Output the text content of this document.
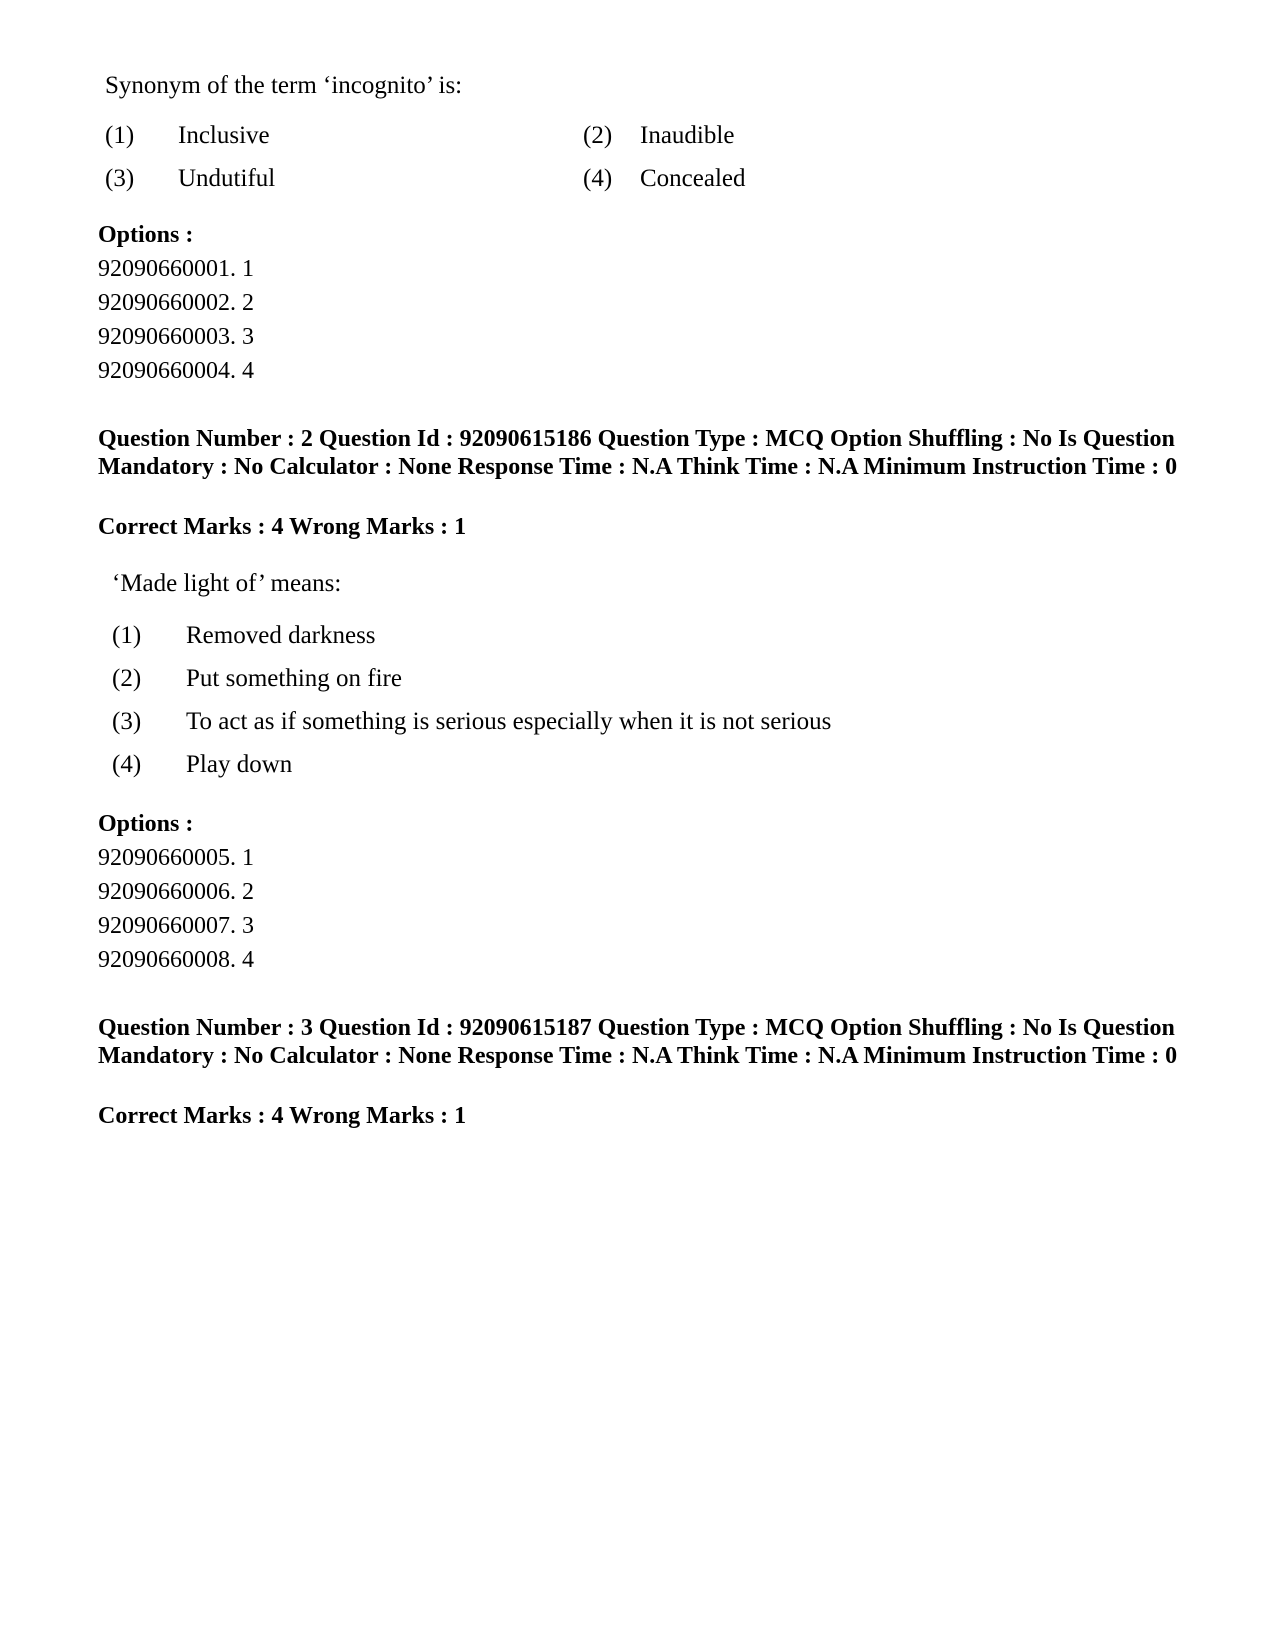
Synonym of the term ‘incognito’ is:
(1) Inclusive	(2) Inaudible
(3) Undutiful	(4) Concealed
Options :
92090660001. 1
92090660002. 2
92090660003. 3
92090660004. 4
Question Number : 2 Question Id : 92090615186 Question Type : MCQ Option Shuffling : No Is Question Mandatory : No Calculator : None Response Time : N.A Think Time : N.A Minimum Instruction Time : 0
Correct Marks : 4 Wrong Marks : 1
‘Made light of’ means:
(1) Removed darkness
(2) Put something on fire
(3) To act as if something is serious especially when it is not serious
(4) Play down
Options :
92090660005. 1
92090660006. 2
92090660007. 3
92090660008. 4
Question Number : 3 Question Id : 92090615187 Question Type : MCQ Option Shuffling : No Is Question Mandatory : No Calculator : None Response Time : N.A Think Time : N.A Minimum Instruction Time : 0
Correct Marks : 4 Wrong Marks : 1
